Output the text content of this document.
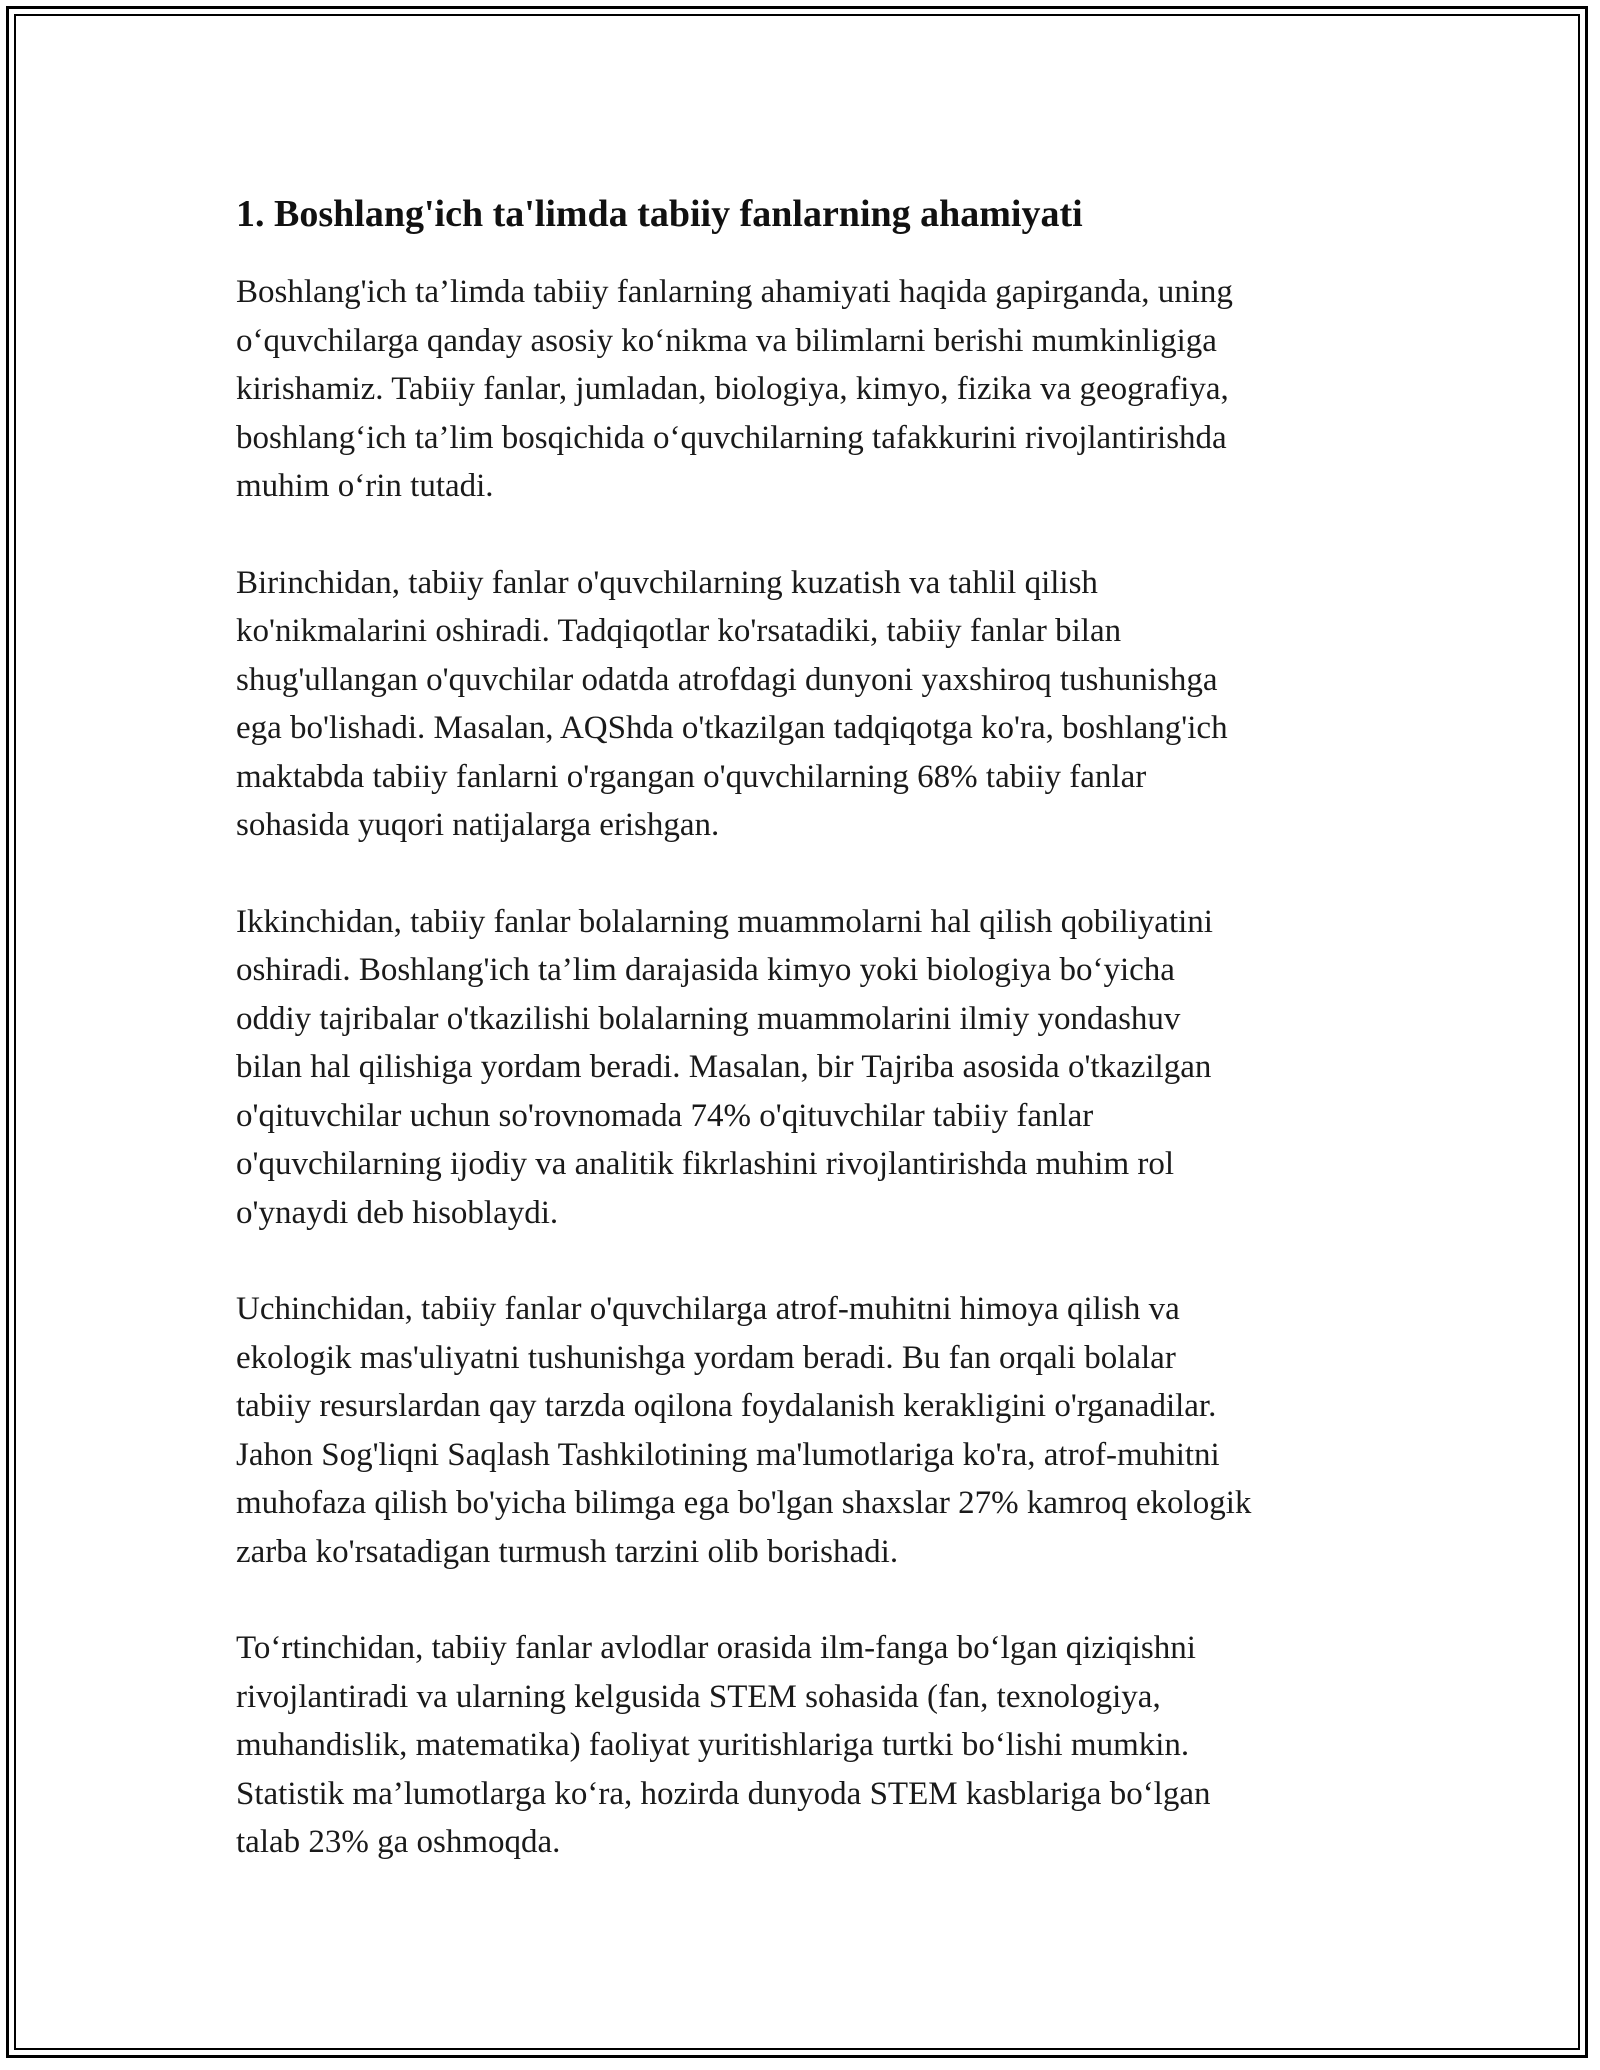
1. Boshlang'ich ta'limda tabiiy fanlarning ahamiyati

Boshlang'ich ta’limda tabiiy fanlarning ahamiyati haqida gapirganda, uning
o‘quvchilarga qanday asosiy ko‘nikma va bilimlarni berishi mumkinligiga
kirishamiz. Tabiiy fanlar, jumladan, biologiya, kimyo, fizika va geografiya,
boshlang‘ich ta’lim bosqichida o‘quvchilarning tafakkurini rivojlantirishda
muhim o‘rin tutadi.

Birinchidan, tabiiy fanlar o'quvchilarning kuzatish va tahlil qilish
ko'nikmalarini oshiradi. Tadqiqotlar ko'rsatadiki, tabiiy fanlar bilan
shug'ullangan o'quvchilar odatda atrofdagi dunyoni yaxshiroq tushunishga
ega bo'lishadi. Masalan, AQShda o'tkazilgan tadqiqotga ko'ra, boshlang'ich
maktabda tabiiy fanlarni o'rgangan o'quvchilarning 68% tabiiy fanlar
sohasida yuqori natijalarga erishgan.

Ikkinchidan, tabiiy fanlar bolalarning muammolarni hal qilish qobiliyatini
oshiradi. Boshlang'ich ta’lim darajasida kimyo yoki biologiya bo‘yicha
oddiy tajribalar o'tkazilishi bolalarning muammolarini ilmiy yondashuv
bilan hal qilishiga yordam beradi. Masalan, bir Tajriba asosida o'tkazilgan
o'qituvchilar uchun so'rovnomada 74% o'qituvchilar tabiiy fanlar
o'quvchilarning ijodiy va analitik fikrlashini rivojlantirishda muhim rol
o'ynaydi deb hisoblaydi.

Uchinchidan, tabiiy fanlar o'quvchilarga atrof-muhitni himoya qilish va
ekologik mas'uliyatni tushunishga yordam beradi. Bu fan orqali bolalar
tabiiy resurslardan qay tarzda oqilona foydalanish kerakligini o'rganadilar.
Jahon Sog'liqni Saqlash Tashkilotining ma'lumotlariga ko'ra, atrof-muhitni
muhofaza qilish bo'yicha bilimga ega bo'lgan shaxslar 27% kamroq ekologik
zarba ko'rsatadigan turmush tarzini olib borishadi.

To‘rtinchidan, tabiiy fanlar avlodlar orasida ilm-fanga bo‘lgan qiziqishni
rivojlantiradi va ularning kelgusida STEM sohasida (fan, texnologiya,
muhandislik, matematika) faoliyat yuritishlariga turtki bo‘lishi mumkin.
Statistik ma’lumotlarga ko‘ra, hozirda dunyoda STEM kasblariga bo‘lgan
talab 23% ga oshmoqda.
